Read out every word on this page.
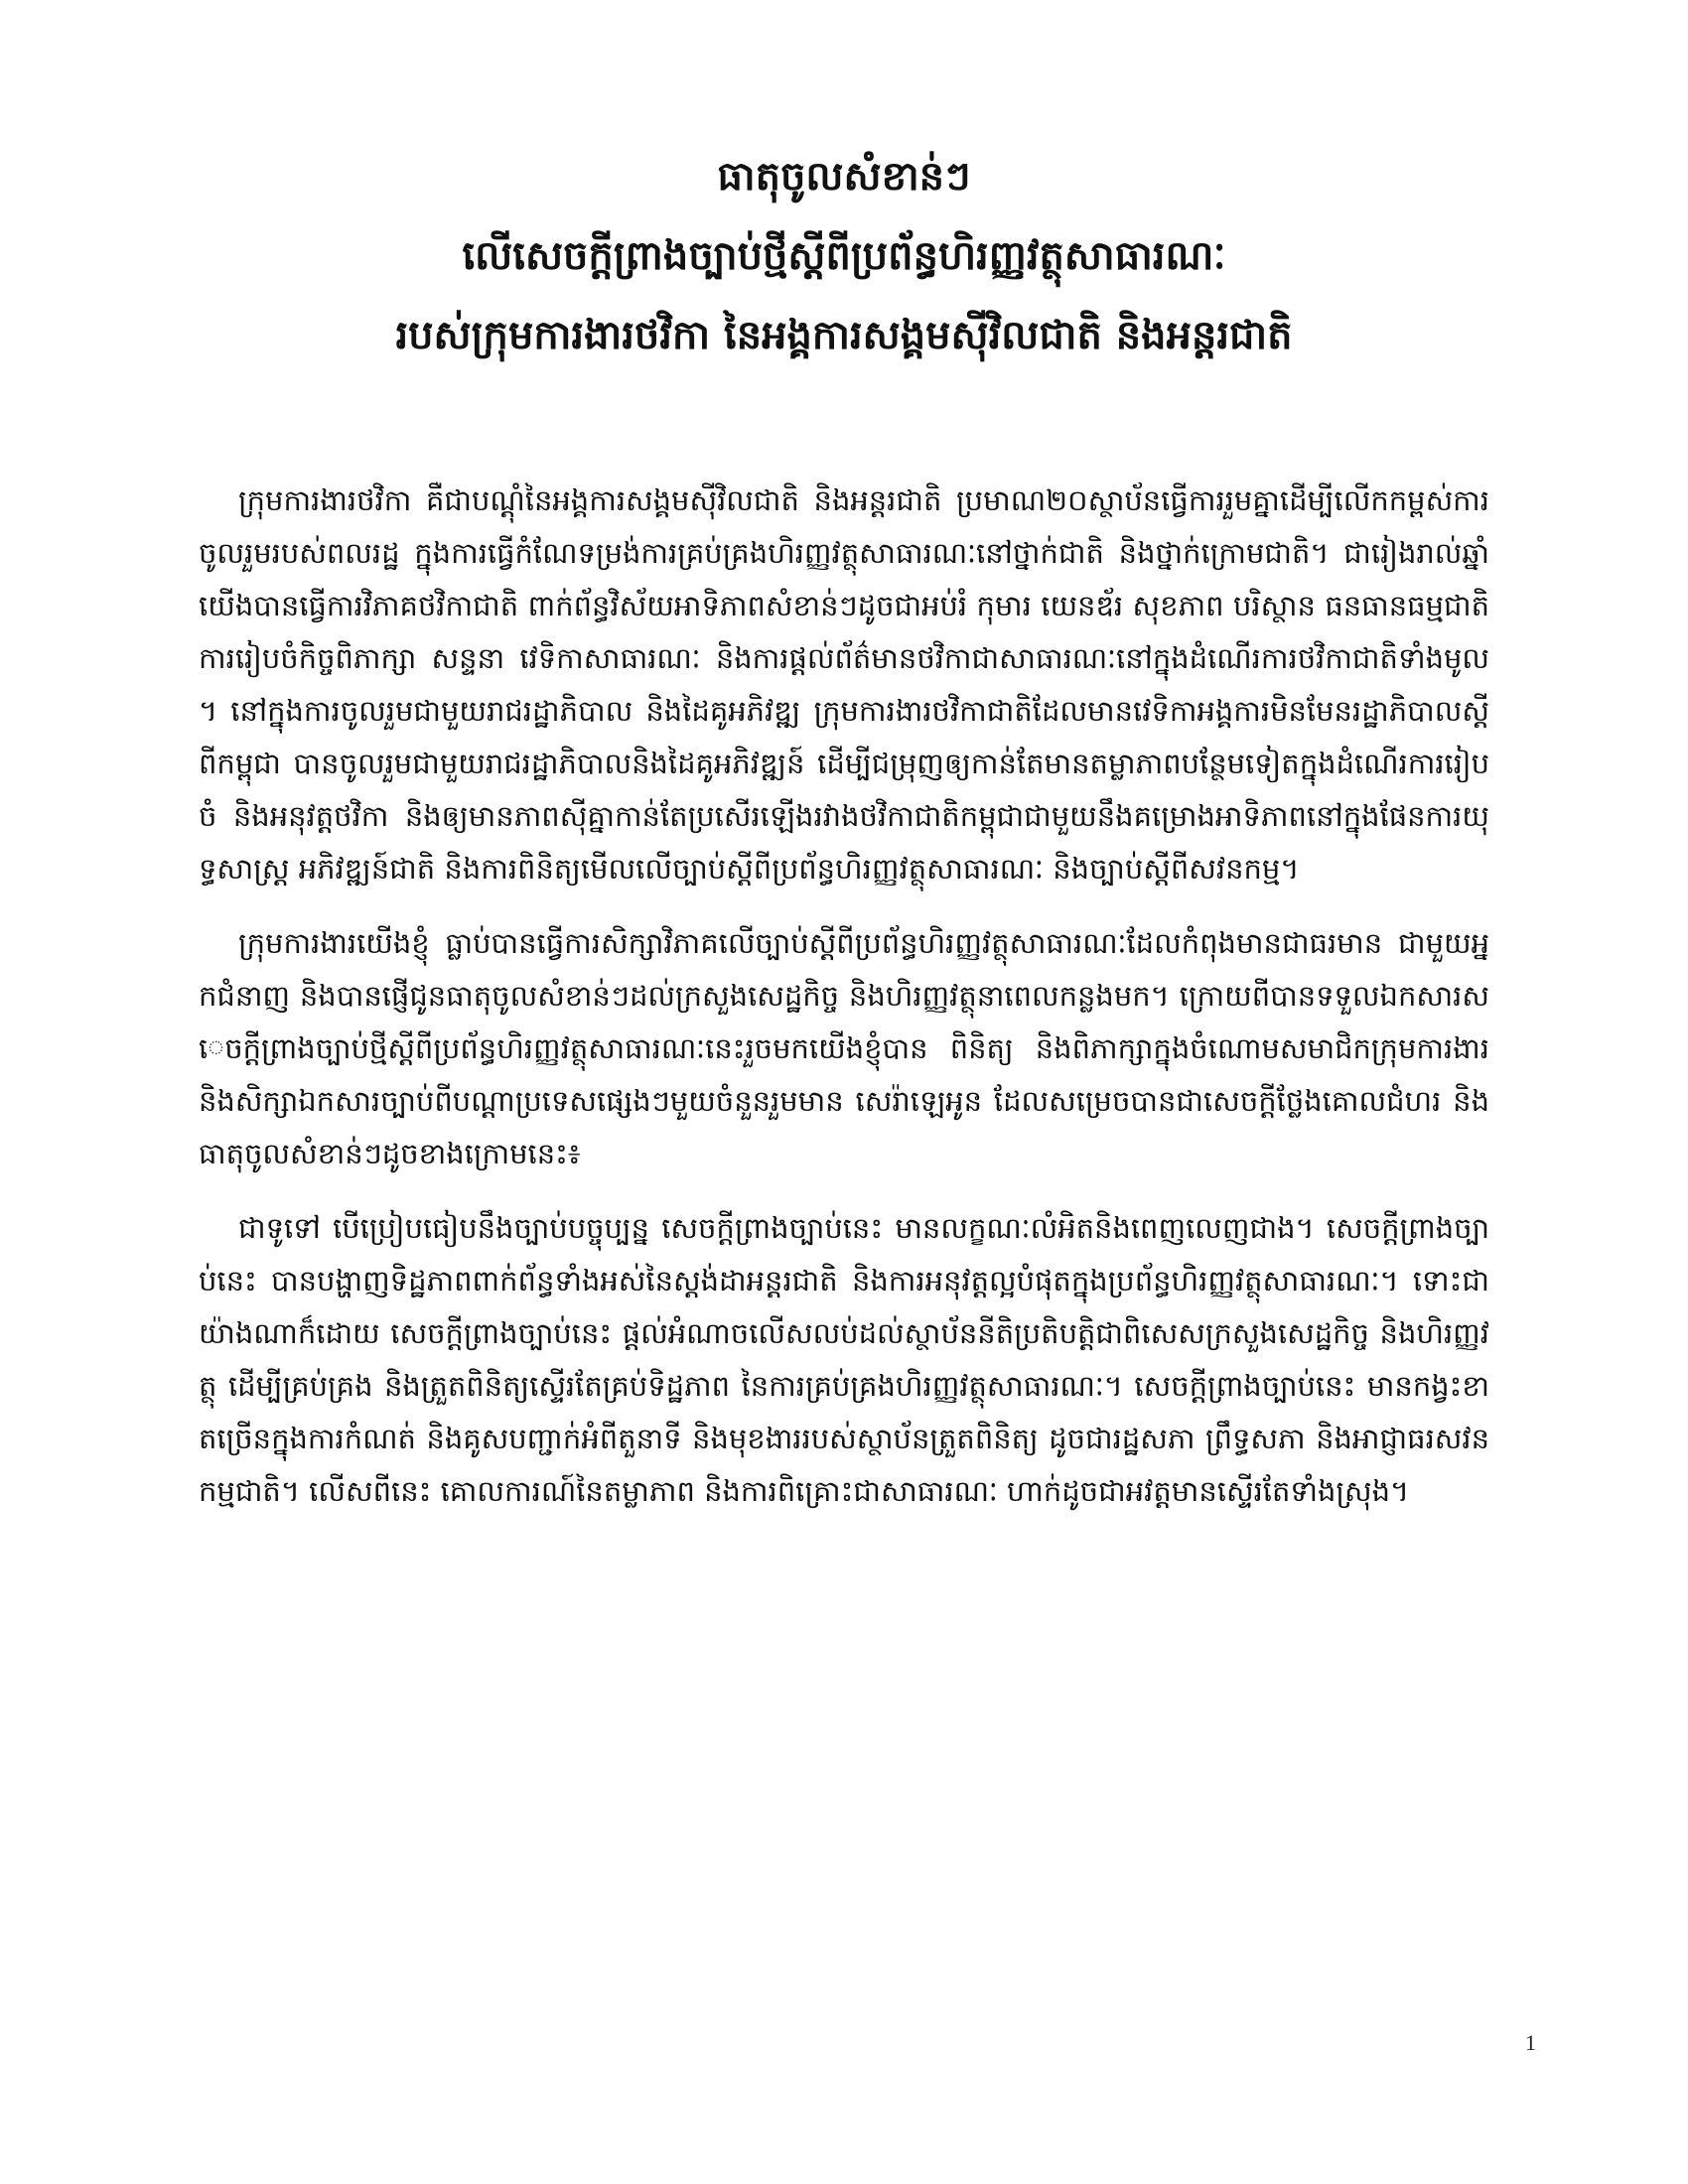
ធាតុចូលសំខាន់ៗ

លើសេចក្តីព្រាងច្បាប់ថ្មីស្តីពីប្រព័ន្ធហិរញ្ញវត្ថុសាធារណៈ

របស់ក្រុមការងារថវិកា នៃអង្គការសង្គមស៊ីវិលជាតិ និងអន្តរជាតិ

ក្រុមការងារថវិកា គឺជាបណ្តុំនៃអង្គការសង្គមស៊ីវិលជាតិ និងអន្តរជាតិ ប្រមាណ២០ស្ថាប័នធ្វើការរួមគ្នាដើម្បីលើកកម្ពស់ការចូលរួមរបស់ពលរដ្ឋ ក្នុងការធ្វើកំណែទម្រង់ការគ្រប់គ្រងហិរញ្ញវត្ថុសាធារណៈនៅថ្នាក់ជាតិ និងថ្នាក់ក្រោមជាតិ។ ជារៀងរាល់ឆ្នាំ យើងបានធ្វើការវិភាគថវិកាជាតិ ពាក់ព័ន្ធវិស័យអាទិភាពសំខាន់ៗដូចជាអប់រំ កុមារ យេនឌ័រ សុខភាព បរិស្ថាន ធនធានធម្មជាតិ ការរៀបចំកិច្ចពិភាក្សា សន្ទនា វេទិកាសាធារណៈ និងការផ្តល់ព័ត៌មានថវិកាជាសាធារណៈនៅក្នុងដំណើរការថវិកាជាតិទាំងមូល។ នៅក្នុងការចូលរួមជាមួយរាជរដ្ឋាភិបាល និងដៃគូអភិវឌ្ឍ ក្រុមការងារថវិកាជាតិដែលមានវេទិកាអង្គការមិនមែនរដ្ឋាភិបាលស្តីពីកម្ពុជា បានចូលរួមជាមួយរាជរដ្ឋាភិបាលនិងដៃគូអភិវឌ្ឍន៍ ដើម្បីជម្រុញឲ្យកាន់តែមានតម្លាភាពបន្ថែមទៀតក្នុងដំណើរការរៀបចំ និងអនុវត្តថវិកា និងឲ្យមានភាពស៊ីគ្នាកាន់តែប្រសើរឡើងរវាងថវិកាជាតិកម្ពុជាជាមួយនឹងគម្រោងអាទិភាពនៅក្នុងផែនការយុទ្ធសាស្រ្ត អភិវឌ្ឍន៍ជាតិ និងការពិនិត្យមើលលើច្បាប់ស្តីពីប្រព័ន្ធហិរញ្ញវត្ថុសាធារណៈ និងច្បាប់ស្តីពីសវនកម្ម។

ក្រុមការងារយើងខ្ញុំ ធ្លាប់បានធ្វើការសិក្សាវិភាគលើច្បាប់ស្តីពីប្រព័ន្ធហិរញ្ញវត្ថុសាធារណៈដែលកំពុងមានជាធរមាន ជាមួយអ្នកជំនាញ និងបានផ្ញើជូនធាតុចូលសំខាន់ៗដល់ក្រសួងសេដ្ឋកិច្ច និងហិរញ្ញវត្ថុនាពេលកន្លងមក។ ក្រោយពីបានទទួលឯកសារសេចក្តីព្រាងច្បាប់ថ្មីស្តីពីប្រព័ន្ធហិរញ្ញវត្ថុសាធារណៈនេះរួចមកយើងខ្ញុំបាន ពិនិត្យ និងពិភាក្សាក្នុងចំណោមសមាជិកក្រុមការងារ និងសិក្សាឯកសារច្បាប់ពីបណ្តាប្រទេសផ្សេងៗមួយចំនួនរួមមាន សេរ៉ាឡេអូន ដែលសម្រេចបានជាសេចក្តីថ្លែងគោលជំហរ និងធាតុចូលសំខាន់ៗដូចខាងក្រោមនេះ៖

ជាទូទៅ បើប្រៀបធៀបនឹងច្បាប់បច្ចុប្បន្ន សេចក្តីព្រាងច្បាប់នេះ មានលក្ខណៈលំអិតនិងពេញលេញជាង។ សេចក្តីព្រាងច្បាប់នេះ បានបង្ហាញទិដ្ឋភាពពាក់ព័ន្ធទាំងអស់នៃស្តង់ដាអន្តរជាតិ និងការអនុវត្តល្អបំផុតក្នុងប្រព័ន្ធហិរញ្ញវត្ថុសាធារណៈ។ ទោះជាយ៉ាងណាក៏ដោយ សេចក្តីព្រាងច្បាប់នេះ ផ្តល់អំណាចលើសលប់ដល់ស្ថាប័ននីតិប្រតិបត្តិជាពិសេសក្រសួងសេដ្ឋកិច្ច និងហិរញ្ញវត្ថុ ដើម្បីគ្រប់គ្រង និងត្រួតពិនិត្យស្ទើរតែគ្រប់ទិដ្ឋភាព នៃការគ្រប់គ្រងហិរញ្ញវត្ថុសាធារណៈ។ សេចក្តីព្រាងច្បាប់នេះ មានកង្វះខាតច្រើនក្នុងការកំណត់ និងគូសបញ្ជាក់អំពីតួនាទី និងមុខងាររបស់ស្ថាប័នត្រួតពិនិត្យ ដូចជារដ្ឋសភា ព្រឹទ្ធសភា និងអាជ្ញាធរសវនកម្មជាតិ។ លើសពីនេះ គោលការណ៍នៃតម្លាភាព និងការពិគ្រោះជាសាធារណៈ ហាក់ដូចជាអវត្តមានស្ទើរតែទាំងស្រុង។

1
